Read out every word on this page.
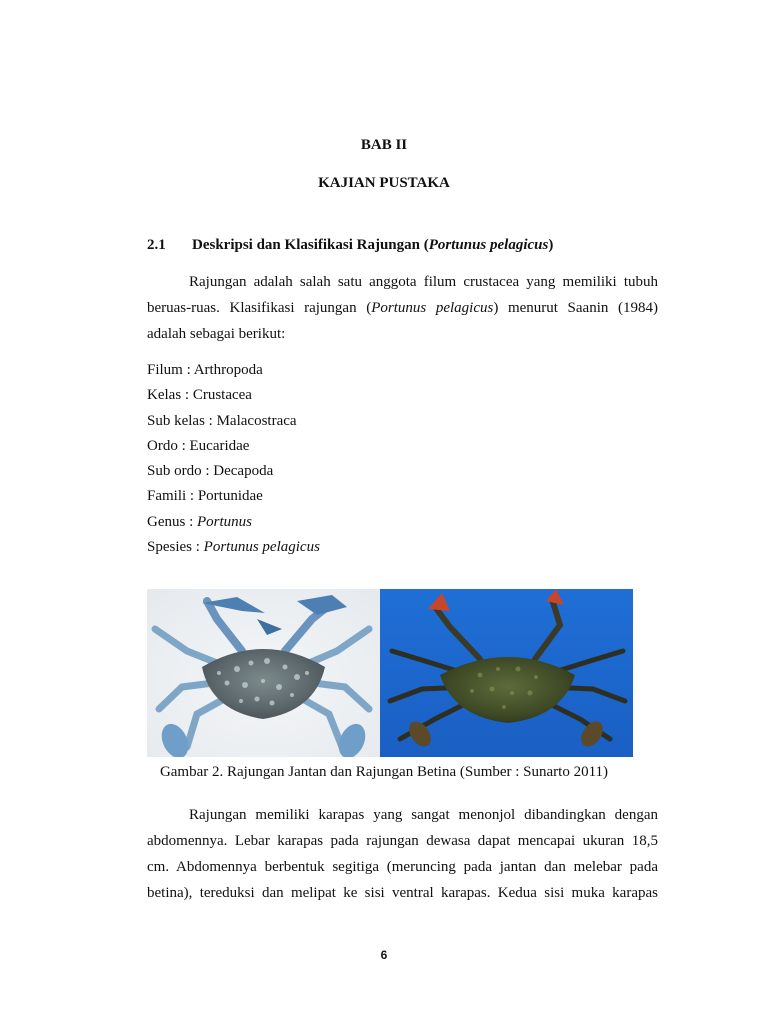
BAB II
KAJIAN PUSTAKA
2.1 Deskripsi dan Klasifikasi Rajungan (Portunus pelagicus)
Rajungan adalah salah satu anggota filum crustacea yang memiliki tubuh
beruas-ruas. Klasifikasi rajungan (Portunus pelagicus) menurut Saanin (1984)
adalah sebagai berikut:
Filum : Arthropoda
Kelas : Crustacea
Sub kelas : Malacostraca
Ordo : Eucaridae
Sub ordo : Decapoda
Famili : Portunidae
Genus : Portunus
Spesies : Portunus pelagicus
Gambar 2. Rajungan Jantan dan Rajungan Betina (Sumber : Sunarto 2011)
Rajungan memiliki karapas yang sangat menonjol dibandingkan dengan
abdomennya. Lebar karapas pada rajungan dewasa dapat mencapai ukuran 18,5
cm. Abdomennya berbentuk segitiga (meruncing pada jantan dan melebar pada
betina), tereduksi dan melipat ke sisi ventral karapas. Kedua sisi muka karapas
6
